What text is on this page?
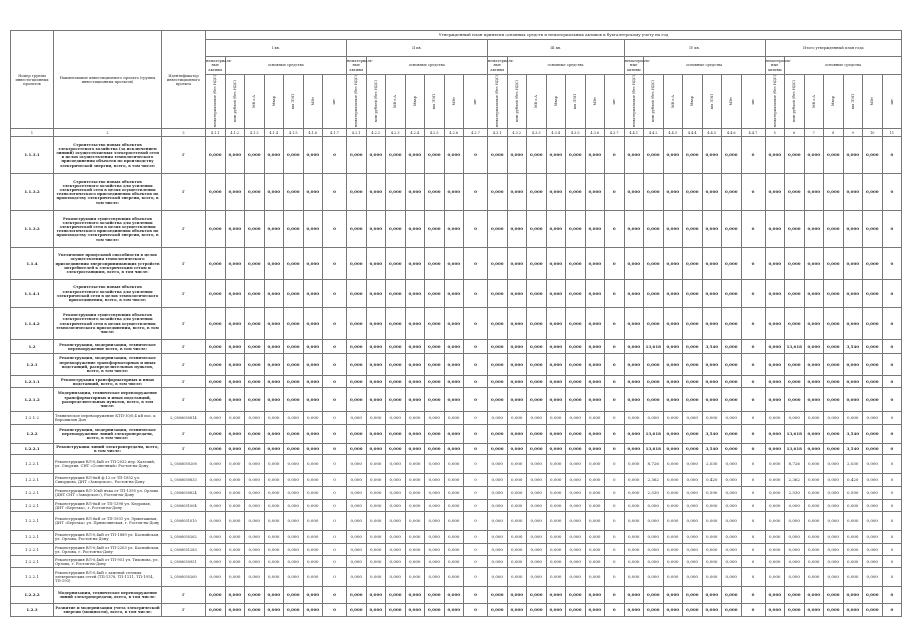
Номер группы инвести-ционных проектов	Наименование инвестиционного проекта (группы инвестиционных проектов)	Идентификатор инвестиционного проекта	Утвержденный план принятия основных средств и нематериальных активов к бухгалтерскому учету на год																																		
			I кв.							II кв.							III кв.							IV кв.							Итого утвержденный план года						
			нематериаль-ные активы	основные средства						нематериаль-ные активы	основные средства						нематериаль-ные активы	основные средства						нематериаль-ные активы	основные средства						нематериаль-ные активы	основные средства					
			нематериальные (без НДС)	млн рублей (без НДС)	МВ×А	Мвар	км ЛЭП	МВт	шт.	нематериальные (без НДС)	млн рублей (без НДС)	МВ×А	Мвар	км ЛЭП	МВт	шт.	нематериальные (без НДС)	млн рублей (без НДС)	МВ×А	Мвар	км ЛЭП	МВт	шт.	нематериальные (без НДС)	млн рублей (без НДС)	МВ×А	Мвар	км ЛЭП	МВт	шт.	нематериальные (без НДС)	млн рублей (без НДС)	МВ×А	Мвар	км ЛЭП	МВт	шт.
1	2	3	4.1.1	4.1.2	4.1.3	4.1.4	4.1.5	4.1.6	4.1.7	4.2.1	4.2.2	4.2.3	4.2.4	4.2.5	4.2.6	4.2.7	4.3.1	4.3.2	4.3.3	4.3.4	4.3.5	4.3.6	4.3.7	4.4.1	4.4.2	4.4.3	4.4.4	4.4.5	4.4.6	4.4.7	5	6	7	8	9	10	11
1.1.3.1	Строительство новых объектов электросетевого хозяйства (за исключением линиий) осуществляемых электросетевой сети в целях осуществления технологического присоединения объектов по производству электрической энергии, всего, в том числе:	Г	0,000	0,000	0,000	0,000	0,000	0,000	0	0,000	0,000	0,000	0,000	0,000	0,000	0	0,000	0,000	0,000	0,000	0,000	0,000	0	0,000	0,000	0,000	0,000	0,000	0,000	0	0,000	0,000	0,000	0,000	0,000	0,000	0
1.1.3.2	Строительство новых объектов электросетевого хозяйства для усиления электрической сети в целях осуществления технологического присоединения объектов по производству электрической энергии, всего, в том числе:	Г	0,000	0,000	0,000	0,000	0,000	0,000	0	0,000	0,000	0,000	0,000	0,000	0,000	0	0,000	0,000	0,000	0,000	0,000	0,000	0	0,000	0,000	0,000	0,000	0,000	0,000	0	0,000	0,000	0,000	0,000	0,000	0,000	0
1.1.3.2	Реконструкция существующих объектов электросетевого хозяйства для усиления электрической сети в целях осуществления технологического присоединения объектов по производству электрической энергии, всего, в том числе:	Г	0,000	0,000	0,000	0,000	0,000	0,000	0	0,000	0,000	0,000	0,000	0,000	0,000	0	0,000	0,000	0,000	0,000	0,000	0,000	0	0,000	0,000	0,000	0,000	0,000	0,000	0	0,000	0,000	0,000	0,000	0,000	0,000	0
1.1.4	Увеличение пропускной способности в целях осуществления технологического присоединения энергопринимающих устройств потребителей к электрическим сетям и электростанциям, всего, в том числе:	Г	0,000	0,000	0,000	0,000	0,000	0,000	0	0,000	0,000	0,000	0,000	0,000	0,000	0	0,000	0,000	0,000	0,000	0,000	0,000	0	0,000	0,000	0,000	0,000	0,000	0,000	0	0,000	0,000	0,000	0,000	0,000	0,000	0
1.1.4.1	Строительство новых объектов электросетевого хозяйства для усиления электрической сети в целях технологического присоединения, всего, в том числе:	Г	0,000	0,000	0,000	0,000	0,000	0,000	0	0,000	0,000	0,000	0,000	0,000	0,000	0	0,000	0,000	0,000	0,000	0,000	0,000	0	0,000	0,000	0,000	0,000	0,000	0,000	0	0,000	0,000	0,000	0,000	0,000	0,000	0
1.1.4.2	Реконструкция существующих объектов электросетевого хозяйства для усиления электрической сети в целях осуществления технологического присоединения, всего, в том числе:	Г	0,000	0,000	0,000	0,000	0,000	0,000	0	0,000	0,000	0,000	0,000	0,000	0,000	0	0,000	0,000	0,000	0,000	0,000	0,000	0	0,000	0,000	0,000	0,000	0,000	0,000	0	0,000	0,000	0,000	0,000	0,000	0,000	0
1.2	Реконструкция, модернизация, техническое перевооружение всего, в том числе:	Г	0,000	0,000	0,000	0,000	0,000	0,000	0	0,000	0,000	0,000	0,000	0,000	0,000	0	0,000	0,000	0,000	0,000	0,000	0,000	0	0,000	13,618	0,000	0,000	3,540	0,000	0	0,000	13,618	0,000	0,000	3,540	0,000	0
1.2.1	Реконструкция, модернизация, техническое перевооружение трансформаторных и иных подстанций, распределительных пунктов, всего, в том числе:	Г	0,000	0,000	0,000	0,000	0,000	0,000	0	0,000	0,000	0,000	0,000	0,000	0,000	0	0,000	0,000	0,000	0,000	0,000	0,000	0	0,000	0,000	0,000	0,000	0,000	0,000	0	0,000	0,000	0,000	0,000	0,000	0,000	0
1.2.1.1	Реконструкция трансформаторных и иных подстанций, всего, в том числе:	Г	0,000	0,000	0,000	0,000	0,000	0,000	0	0,000	0,000	0,000	0,000	0,000	0,000	0	0,000	0,000	0,000	0,000	0,000	0,000	0	0,000	0,000	0,000	0,000	0,000	0,000	0	0,000	0,000	0,000	0,000	0,000	0,000	0
1.2.1.2	Модернизация, техническое перевооружение трансформаторных и иных подстанций, распределительных пунктов, всего, в том числе:	Г	0,000	0,000	0,000	0,000	0,000	0,000	0	0,000	0,000	0,000	0,000	0,000	0,000	0	0,000	0,000	0,000	0,000	0,000	0,000	0	0,000	0,000	0,000	0,000	0,000	0,000	0	0,000	0,000	0,000	0,000	0,000	0,000	0
1.2.1.2	Техническое перевооружение КТП-10/0,4 кВ пос. к Ворошилов Дон	L_0506050814	0,000	0,000	0,000	0,000	0,000	0,000	0	0,000	0,000	0,000	0,000	0,000	0,000	0	0,000	0,000	0,000	0,000	0,000	0,000	0	0,000	0,000	0,000	0,000	0,000	0,000	0	0,000	0,000	0,000	0,000	0,000	0,000	0
1.2.2	Реконструкция, модернизация, техническое перевооружение линий электропередачи, всего, в том числе:	Г	0,000	0,000	0,000	0,000	0,000	0,000	0	0,000	0,000	0,000	0,000	0,000	0,000	0	0,000	0,000	0,000	0,000	0,000	0,000	0	0,000	13,618	0,000	0,000	3,540	0,000	0	0,000	13,618	0,000	0,000	3,540	0,000	0
1.2.2.1	Реконструкция линий электропередачи, всего, в том числе:	Г	0,000	0,000	0,000	0,000	0,000	0,000	0	0,000	0,000	0,000	0,000	0,000	0,000	0	0,000	0,000	0,000	0,000	0,000	0,000	0	0,000	13,618	0,000	0,000	3,540	0,000	0	0,000	13,618	0,000	0,000	3,540	0,000	0
1.2.2.1	Реконструкция ВЛ-0,4кВ от ТП-2032 пер. Казачий, ул. Спортив. СНТ «Солнечный» Ростов-на-Дону	L_0506050208	0,000	0,000	0,000	0,000	0,000	0,000	0	0,000	0,000	0,000	0,000	0,000	0,000	0	0,000	0,000	0,000	0,000	0,000	0,000	0	0,000	8,726	0,000	0,000	2,030	0,000	0	0,000	8,726	0,000	0,000	2,030	0,000	0
1.2.2.1	Реконструкция ВЛ-6кВ ф.12 от ТП-1852 ул. Скворцова, ДНТ «Заводское», Ростов-на-Дону	L_0506050833	0,000	0,000	0,000	0,000	0,000	0,000	0	0,000	0,000	0,000	0,000	0,000	0,000	0	0,000	0,000	0,000	0,000	0,000	0,000	0	0,000	2,362	0,000	0,000	0,420	0,000	0	0,000	2,362	0,000	0,000	0,420	0,000	0
1.2.2.1	Реконструкция ВЛ-10кВ ячка от ТП-1395 ул. Орлова (ДНТ СНТ «Заводское»), Ростов-на-Дону	L_0506050824	0,000	0,000	0,000	0,000	0,000	0,000	0	0,000	0,000	0,000	0,000	0,000	0,000	0	0,000	0,000	0,000	0,000	0,000	0,000	0	0,000	2,530	0,000	0,000	0,590	0,000	0	0,000	2,530	0,000	0,000	0,590	0,000	0
1.2.2.1	Реконструкция ВЛ-6кВ от ТП-1398 ул. Кедровая, ДНТ «Березка», г. Ростов-на-Дону	L_0506051004	0,000	0,000	0,000	0,000	0,000	0,000	0	0,000	0,000	0,000	0,000	0,000	0,000	0	0,000	0,000	0,000	0,000	0,000	0,000	0	0,000	0,000	0,000	0,000	0,000	0,000	0	0,000	0,000	0,000	0,000	0,000	0,000	0
1.2.2.1	Реконструкция ВЛ-6кВ от ТП-1931 ул. Эрмитажная, ДНТ «Березка» ул. Прямолинская, г. Ростов-на-Дону	L_0506051010	0,000	0,000	0,000	0,000	0,000	0,000	0	0,000	0,000	0,000	0,000	0,000	0,000	0	0,000	0,000	0,000	0,000	0,000	0,000	0	0,000	0,000	0,000	0,000	0,000	0,000	0	0,000	0,000	0,000	0,000	0,000	0,000	0
1.2.2.1	Реконструкция ВЛ-0,4кВ от ТП-1889 ул. Каспийская, ул. Орлова, Ростов-на-Дону	L_0506050262	0,000	0,000	0,000	0,000	0,000	0,000	0	0,000	0,000	0,000	0,000	0,000	0,000	0	0,000	0,000	0,000	0,000	0,000	0,000	0	0,000	0,000	0,000	0,000	0,000	0,000	0	0,000	0,000	0,000	0,000	0,000	0,000	0
1.2.2.1	Реконструкция ВЛ-0,4кВ от ТП-2203 ул. Каспийская, ул. Орлова, г. Ростов-на-Дону	L_0506051283	0,000	0,000	0,000	0,000	0,000	0,000	0	0,000	0,000	0,000	0,000	0,000	0,000	0	0,000	0,000	0,000	0,000	0,000	0,000	0	0,000	0,000	0,000	0,000	0,000	0,000	0	0,000	0,000	0,000	0,000	0,000	0,000	0
1.2.2.1	Реконструкция ВЛ-0,4кВ от ТП-951 ул. Тихонова, ул. Орлова, г. Ростов-на-Дону	L_0506050951	0,000	0,000	0,000	0,000	0,000	0,000	0	0,000	0,000	0,000	0,000	0,000	0,000	0	0,000	0,000	0,000	0,000	0,000	0,000	0	0,000	0,000	0,000	0,000	0,000	0,000	0	0,000	0,000	0,000	0,000	0,000	0,000	0
1.2.2.1	Реконструкция ВЛ-0,4кВ с заменой сетевых электрических сетей (ТП-1378, ТП-1111, ТП-1914, ТП-193)	L_0506050260	0,000	0,000	0,000	0,000	0,000	0,000	0	0,000	0,000	0,000	0,000	0,000	0,000	0	0,000	0,000	0,000	0,000	0,000	0,000	0	0,000	0,000	0,000	0,000	0,000	0,000	0	0,000	0,000	0,000	0,000	0,000	0,000	0
1.2.2.2	Модернизация, техническое перевооружение линий электропередачи, всего, в том числе:	Г	0,000	0,000	0,000	0,000	0,000	0,000	0	0,000	0,000	0,000	0,000	0,000	0,000	0	0,000	0,000	0,000	0,000	0,000	0,000	0	0,000	0,000	0,000	0,000	0,000	0,000	0	0,000	0,000	0,000	0,000	0,000	0,000	0
1.2.3	Развитие и модернизация учета электрической энергии (мощности), всего, в том числе:	Г	0,000	0,000	0,000	0,000	0,000	0,000	0	0,000	0,000	0,000	0,000	0,000	0,000	0	0,000	0,000	0,000	0,000	0,000	0,000	0	0,000	0,000	0,000	0,000	0,000	0,000	0	0,000	0,000	0,000	0,000	0,000	0,000	0
